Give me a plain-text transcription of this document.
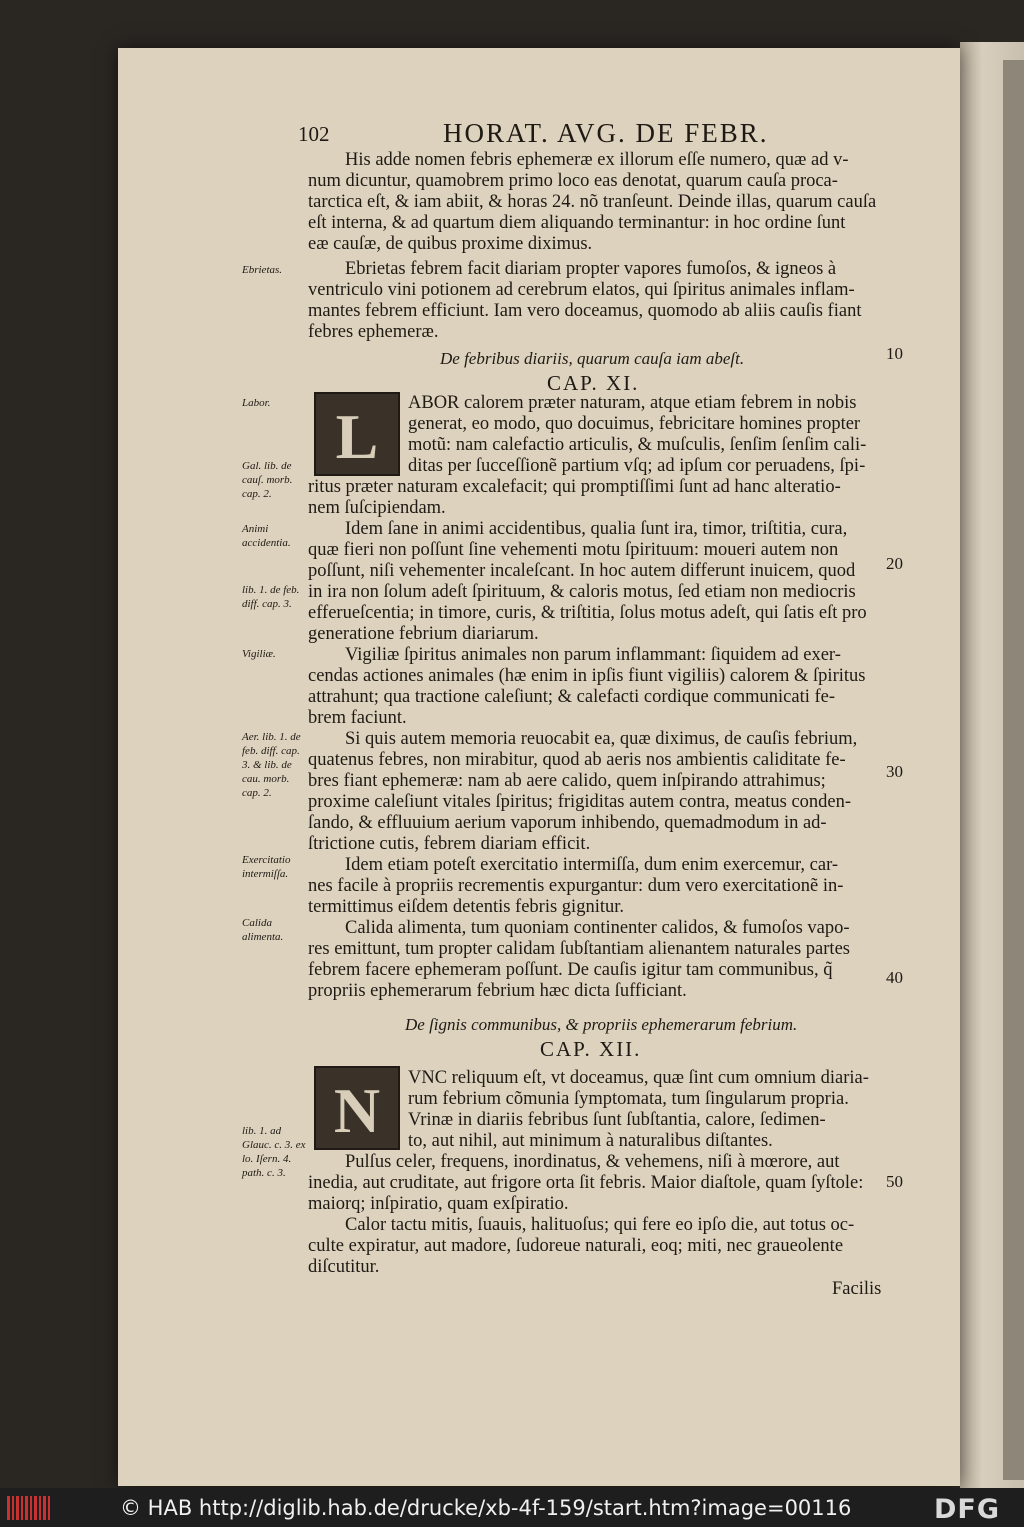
102	HORAT. AVG. DE FEBR.
His adde nomen febris ephemeræ ex illorum eſſe numero, quæ ad v-
num dicuntur, quamobrem primo loco eas denotat, quarum cauſa proca-
tarctica eſt, & iam abiit, & horas 24. nõ tranſeunt. Deinde illas, quarum cauſa
eſt interna, & ad quartum diem aliquando terminantur: in hoc ordine ſunt
eæ cauſæ, de quibus proxime diximus.
Ebrietas febrem facit diariam propter vapores fumoſos, & igneos à
ventriculo vini potionem ad cerebrum elatos, qui ſpiritus animales inflam-
mantes febrem efficiunt. Iam vero doceamus, quomodo ab aliis cauſis fiant
febres ephemeræ.
De febribus diariis, quarum cauſa iam abeſt.
CAP. XI.
L	ABOR calorem præter naturam, atque etiam febrem in nobis
generat, eo modo, quo docuimus, febricitare homines propter
motũ: nam calefactio articulis, & muſculis, ſenſim ſenſim cali-
ditas per ſucceſſionẽ partium vſq; ad ipſum cor peruadens, ſpi-
ritus præter naturam excalefacit; qui promptiſſimi ſunt ad hanc alteratio-
nem ſuſcipiendam.
Idem ſane in animi accidentibus, qualia ſunt ira, timor, triſtitia, cura,
quæ fieri non poſſunt ſine vehementi motu ſpirituum: moueri autem non
poſſunt, niſi vehementer incaleſcant. In hoc autem differunt inuicem, quod
in ira non ſolum adeſt ſpirituum, & caloris motus, ſed etiam non mediocris
efferueſcentia; in timore, curis, & triſtitia, ſolus motus adeſt, qui ſatis eſt pro
generatione febrium diariarum.
Vigiliæ ſpiritus animales non parum inflammant: ſiquidem ad exer-
cendas actiones animales (hæ enim in ipſis fiunt vigiliis) calorem & ſpiritus
attrahunt; qua tractione caleſiunt; & calefacti cordique communicati fe-
brem faciunt.
Si quis autem memoria reuocabit ea, quæ diximus, de cauſis febrium,
quatenus febres, non mirabitur, quod ab aeris nos ambientis caliditate fe-
bres fiant ephemeræ: nam ab aere calido, quem inſpirando attrahimus;
proxime caleſiunt vitales ſpiritus; frigiditas autem contra, meatus conden-
ſando, & effluuium aerium vaporum inhibendo, quemadmodum in ad-
ſtrictione cutis, febrem diariam efficit.
Idem etiam poteſt exercitatio intermiſſa, dum enim exercemur, car-
nes facile à propriis recrementis expurgantur: dum vero exercitationẽ in-
termittimus eiſdem detentis febris gignitur.
Calida alimenta, tum quoniam continenter calidos, & fumoſos vapo-
res emittunt, tum propter calidam ſubſtantiam alienantem naturales partes
febrem facere ephemeram poſſunt. De cauſis igitur tam communibus, q̃
propriis ephemerarum febrium hæc dicta ſufficiant.
De ſignis communibus, & propriis ephemerarum febrium.
CAP. XII.
N	VNC reliquum eſt, vt doceamus, quæ ſint cum omnium diaria-
rum febrium cõmunia ſymptomata, tum ſingularum propria.
Vrinæ in diariis febribus ſunt ſubſtantia, calore, ſedimen-
to, aut nihil, aut minimum à naturalibus diſtantes.
Pulſus celer, frequens, inordinatus, & vehemens, niſi à mœrore, aut
inedia, aut cruditate, aut frigore orta ſit febris. Maior diaſtole, quam ſyſtole:
maiorq; inſpiratio, quam exſpiratio.
Calor tactu mitis, ſuauis, halituoſus; qui fere eo ipſo die, aut totus oc-
culte expiratur, aut madore, ſudoreue naturali, eoq; miti, nec graueolente
diſcutitur.
Facilis
Ebrietas.
Labor.
Gal. lib. de cauſ. morb. cap. 2.
Animi accidentia.
lib. 1. de feb. diff. cap. 3.
Vigiliæ.
Aer. lib. 1. de feb. diff. cap. 3. & lib. de cau. morb. cap. 2.
Exercitatio intermiſſa.
Calida alimenta.
lib. 1. ad Glauc. c. 3. ex lo. Iſern. 4. path. c. 3.
10
20
30
40
50
© HAB http://diglib.hab.de/drucke/xb-4f-159/start.htm?image=00116	DFG
